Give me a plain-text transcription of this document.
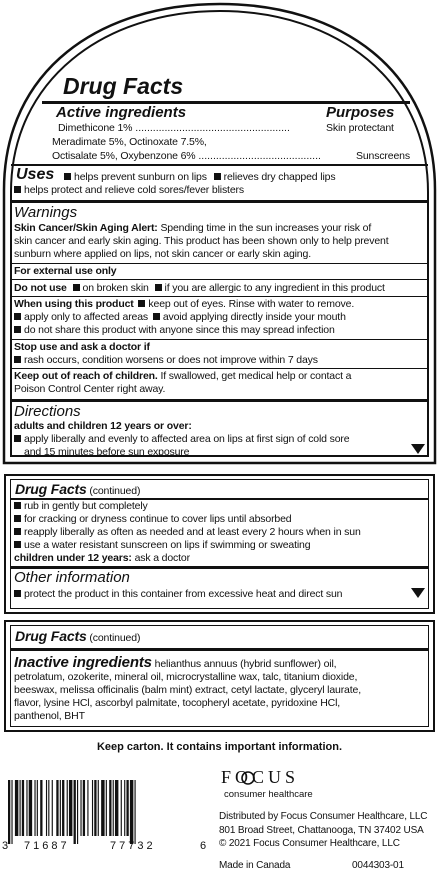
Drug Facts
Active ingredients	Purposes
Dimethicone 1% .....................................................	Skin protectant
Meradimate 5%, Octinoxate 7.5%,
Octisalate 5%, Oxybenzone 6% ..........................................	Sunscreens
Uses	helps prevent sunburn on lips relieves dry chapped lips
helps protect and relieve cold sores/fever blisters
Warnings
Skin Cancer/Skin Aging Alert: Spending time in the sun increases your risk of
skin cancer and early skin aging. This product has been shown only to help prevent
sunburn where applied on lips, not skin cancer or early skin aging.
For external use only
Do not use on broken skin if you are allergic to any ingredient in this product
When using this product keep out of eyes. Rinse with water to remove.
apply only to affected areas avoid applying directly inside your mouth
do not share this product with anyone since this may spread infection
Stop use and ask a doctor if
rash occurs, condition worsens or does not improve within 7 days
Keep out of reach of children. If swallowed, get medical help or contact a
Poison Control Center right away.
Directions
adults and children 12 years or over:
apply liberally and evenly to affected area on lips at first sign of cold sore
and 15 minutes before sun exposure
Drug Facts (continued)
rub in gently but completely
for cracking or dryness continue to cover lips until absorbed
reapply liberally as often as needed and at least every 2 hours when in sun
use a water resistant sunscreen on lips if swimming or sweating
children under 12 years: ask a doctor
Other information
protect the product in this container from excessive heat and direct sun
Drug Facts (continued)
Inactive ingredients helianthus annuus (hybrid sunflower) oil,
petrolatum, ozokerite, mineral oil, microcrystalline wax, talc, titanium dioxide,
beeswax, melissa officinalis (balm mint) extract, cetyl lactate, glyceryl laurate,
flavor, lysine HCl, ascorbyl palmitate, tocopheryl acetate, pyridoxine HCl,
panthenol, BHT
Keep carton. It contains important information.
3 71687	77732	6
FOCUS
consumer healthcare
Distributed by Focus Consumer Healthcare, LLC
801 Broad Street, Chattanooga, TN 37402 USA
© 2021 Focus Consumer Healthcare, LLC
Made in Canada	0044303-01
